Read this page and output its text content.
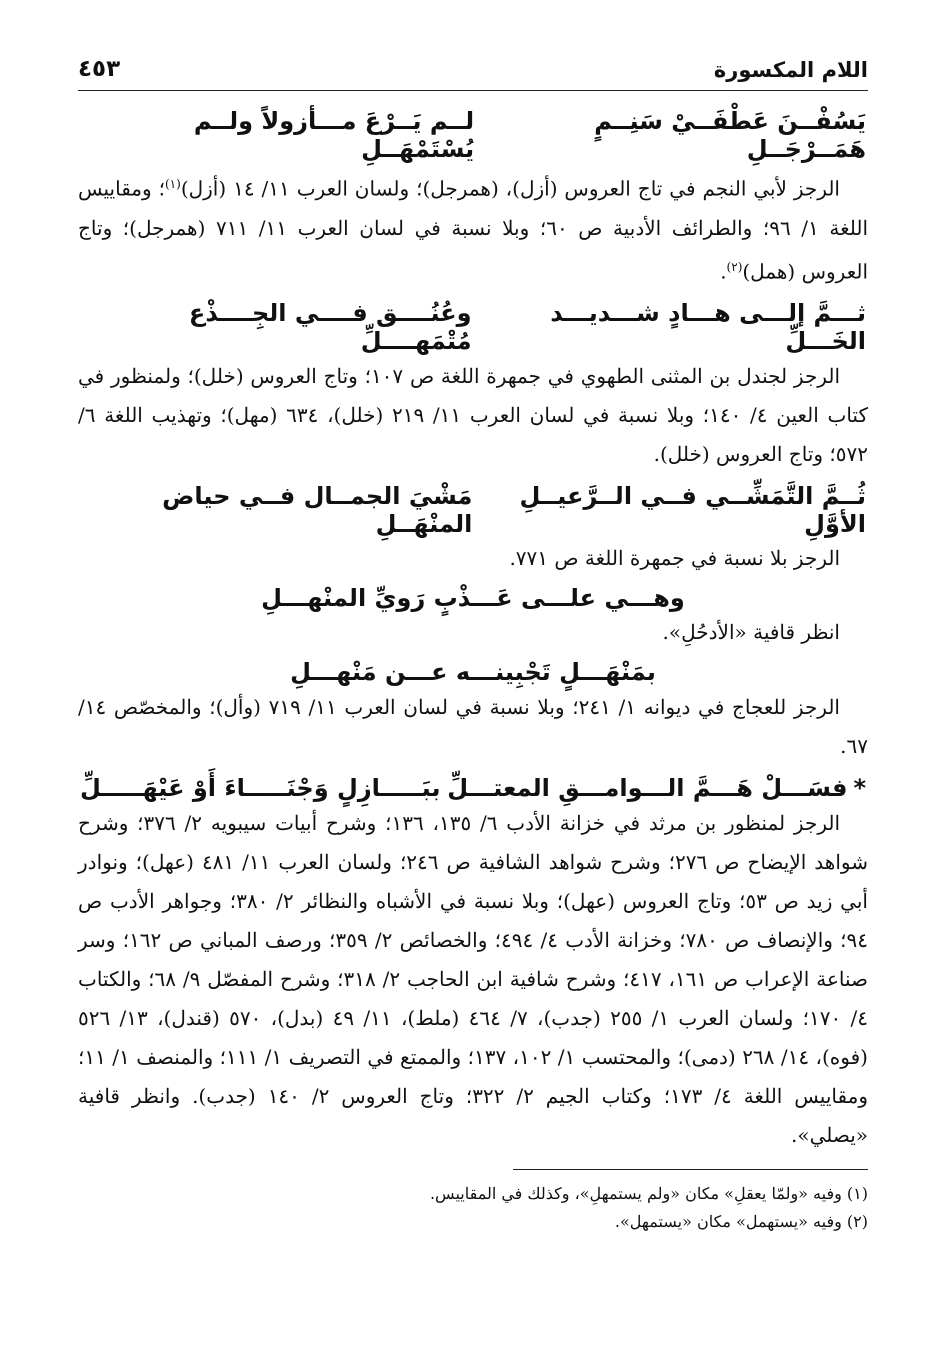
اللام المكسورة
٤٥٣
يَسُفْــنَ عَطْفَــيْ سَنِــمٍ هَمَــرْجَــلِ
لــم يَــرْعَ مـــأزولاً ولــم يُسْتَمْهَــلِ

الرجز لأبي النجم في تاج العروس (أزل)، (همرجل)؛ ولسان العرب ١١/ ١٤ (أزل)$^{(١)}$؛ ومقاييس اللغة ١/ ٩٦؛ والطرائف الأدبية ص ٦٠؛ وبلا نسبة في لسان العرب ١١/ ٧١١ (همرجل)؛ وتاج العروس (همل)$^{(٢)}$.

ثـــمَّ إلـــى هـــادٍ شـــديـــد الخَـــلِّ
وعُنُــــق فــــي الجِــــذْع مُتْمَهــــلِّ

الرجز لجندل بن المثنى الطهوي في جمهرة اللغة ص ١٠٧؛ وتاج العروس (خلل)؛ ولمنظور في كتاب العين ٤/ ١٤٠؛ وبلا نسبة في لسان العرب ١١/ ٢١٩ (خلل)، ٦٣٤ (مهل)؛ وتهذيب اللغة ٦/ ٥٧٢؛ وتاج العروس (خلل).

ثُــمَّ التَّمَشِّــي فــي الــرَّعيــلِ الأوَّلِ
مَشْيَ الجمــال فــي حياض المنْهَــلِ

الرجز بلا نسبة في جمهرة اللغة ص ٧٧١.

وهـــي علـــى عَـــذْبٍ رَويِّ المنْهـــلِ

انظر قافية «الأدحُلِ».

بمَنْهَـــلٍ تَجْبِينـــه عـــن مَنْهـــلِ

الرجز للعجاج في ديوانه ١/ ٢٤١؛ وبلا نسبة في لسان العرب ١١/ ٧١٩ (وأل)؛ والمخصّص ١٤/ ٦٧.

*فسَـــلْ هَـــمَّ الـــوامـــقِ المعتـــلِّ
ببَـــــازِلٍ وَجْنَـــــاءَ أَوْ عَيْهَـــــلِّ

الرجز لمنظور بن مرثد في خزانة الأدب ٦/ ١٣٥، ١٣٦؛ وشرح أبيات سيبويه ٢/ ٣٧٦؛ وشرح شواهد الإيضاح ص ٢٧٦؛ وشرح شواهد الشافية ص ٢٤٦؛ ولسان العرب ١١/ ٤٨١ (عهل)؛ ونوادر أبي زيد ص ٥٣؛ وتاج العروس (عهل)؛ وبلا نسبة في الأشباه والنظائر ٢/ ٣٨٠؛ وجواهر الأدب ص ٩٤؛ والإنصاف ص ٧٨٠؛ وخزانة الأدب ٤/ ٤٩٤؛ والخصائص ٢/ ٣٥٩؛ ورصف المباني ص ١٦٢؛ وسر صناعة الإعراب ص ١٦١، ٤١٧؛ وشرح شافية ابن الحاجب ٢/ ٣١٨؛ وشرح المفصّل ٩/ ٦٨؛ والكتاب ٤/ ١٧٠؛ ولسان العرب ١/ ٢٥٥ (جدب)، ٧/ ٤٦٤ (ملط)، ١١/ ٤٩ (بدل)، ٥٧٠ (قندل)، ١٣/ ٥٢٦ (فوه)، ١٤/ ٢٦٨ (دمى)؛ والمحتسب ١/ ١٠٢، ١٣٧؛ والممتع في التصريف ١/ ١١١؛ والمنصف ١/ ١١؛ ومقاييس اللغة ٤/ ١٧٣؛ وكتاب الجيم ٢/ ٣٢٢؛ وتاج العروس ٢/ ١٤٠ (جدب). وانظر قافية «يصلي».

(١) وفيه «ولمّا يعقلِ» مكان «ولم يستمهلِ»، وكذلك في المقاييس.

(٢) وفيه «يستهمل» مكان «يستمهل».
